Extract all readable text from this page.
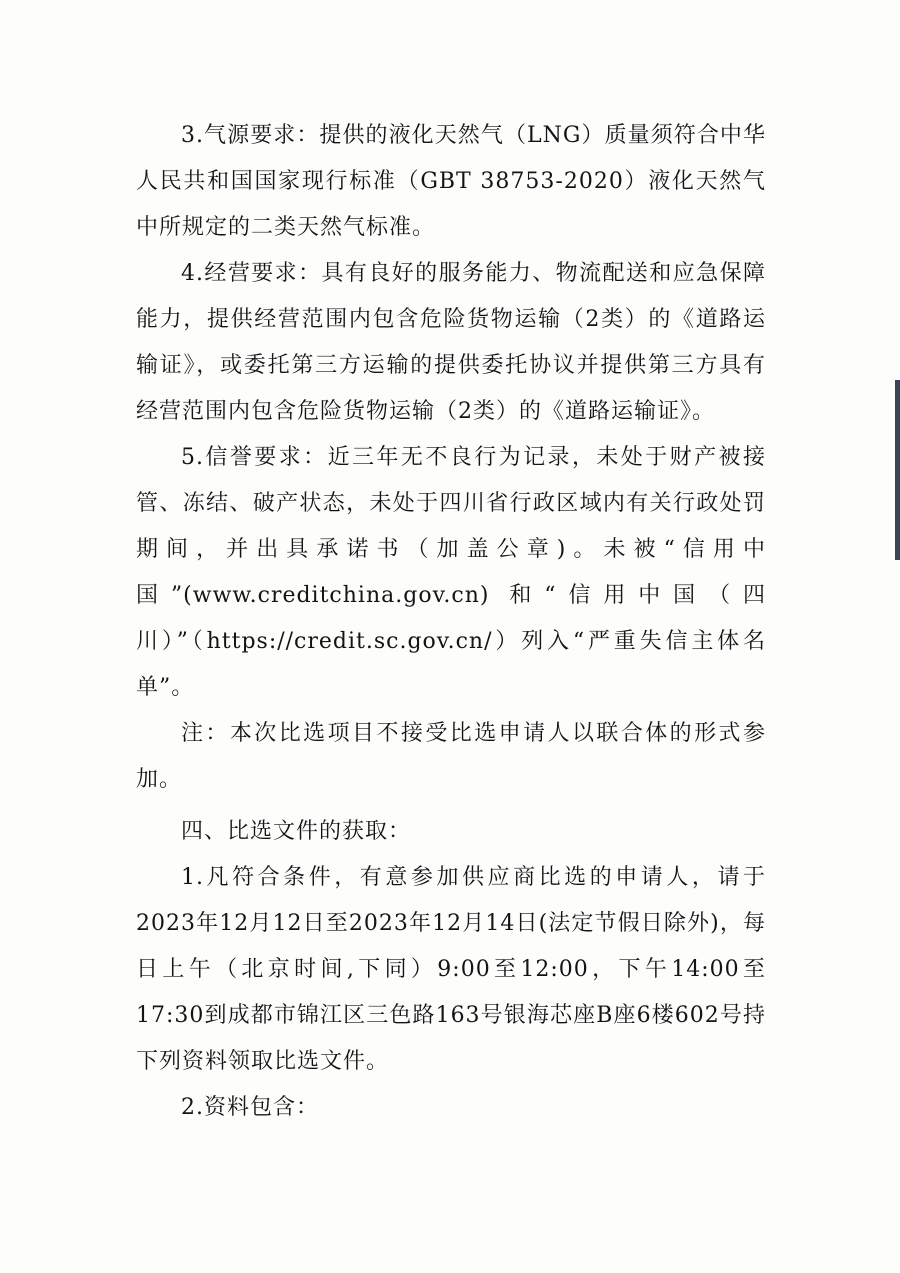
3.气源要求：提供的液化天然气（LNG）质量须符合中华人民共和国国家现行标准（GBT 38753-2020）液化天然气中所规定的二类天然气标准。

4.经营要求：具有良好的服务能力、物流配送和应急保障能力，提供经营范围内包含危险货物运输（2类）的《道路运输证》，或委托第三方运输的提供委托协议并提供第三方具有经营范围内包含危险货物运输（2类）的《道路运输证》。

5.信誉要求：近三年无不良行为记录，未处于财产被接管、冻结、破产状态，未处于四川省行政区域内有关行政处罚期间，并出具承诺书（加盖公章)。未被“信用中国”(www.creditchina.gov.cn) 和“信用中国（四川）”（https://credit.sc.gov.cn/）列入“严重失信主体名单”。

注：本次比选项目不接受比选申请人以联合体的形式参加。

四、比选文件的获取：

1.凡符合条件，有意参加供应商比选的申请人，请于2023年12月12日至2023年12月14日(法定节假日除外)，每日上午（北京时间,下同）9:00至12:00，下午14:00至17:30到成都市锦江区三色路163号银海芯座B座6楼602号持下列资料领取比选文件。

2.资料包含：
